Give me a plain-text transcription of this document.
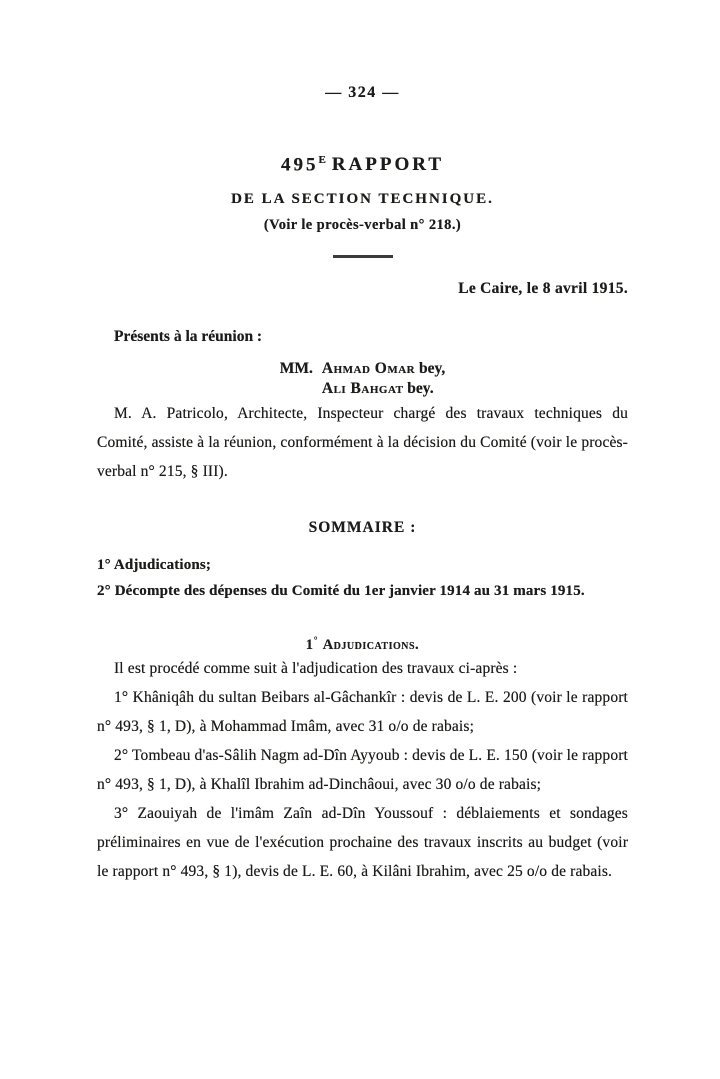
— 324 —
$495^E$ RAPPORT
DE LA SECTION TECHNIQUE.
(Voir le procès-verbal n° 218.)
Le Caire, le 8 avril 1915.
Présents à la réunion :
MM. Ahmad Omar bey,
Ali Bahgat bey.

M. A. Patricolo, Architecte, Inspecteur chargé des travaux techniques du Comité, assiste à la réunion, conformément à la décision du Comité (voir le procès-verbal n° 215, § III).

SOMMAIRE :
1° Adjudications;
2° Décompte des dépenses du Comité du 1er janvier 1914 au 31 mars 1915.
1° Adjudications.

Il est procédé comme suit à l'adjudication des travaux ci-après :

1° Khâniqâh du sultan Beibars al-Gâchankîr : devis de L. E. 200 (voir le rapport n° 493, § 1, D), à Mohammad Imâm, avec 31 o/o de rabais;

2° Tombeau d'as-Sâlih Nagm ad-Dîn Ayyoub : devis de L. E. 150 (voir le rapport n° 493, § 1, D), à Khalîl Ibrahim ad-Dinchâoui, avec 30 o/o de rabais;

3° Zaouiyah de l'imâm Zaîn ad-Dîn Youssouf : déblaiements et sondages préliminaires en vue de l'exécution prochaine des travaux inscrits au budget (voir le rapport n° 493, § 1), devis de L. E. 60, à Kilâni Ibrahim, avec 25 o/o de rabais.
